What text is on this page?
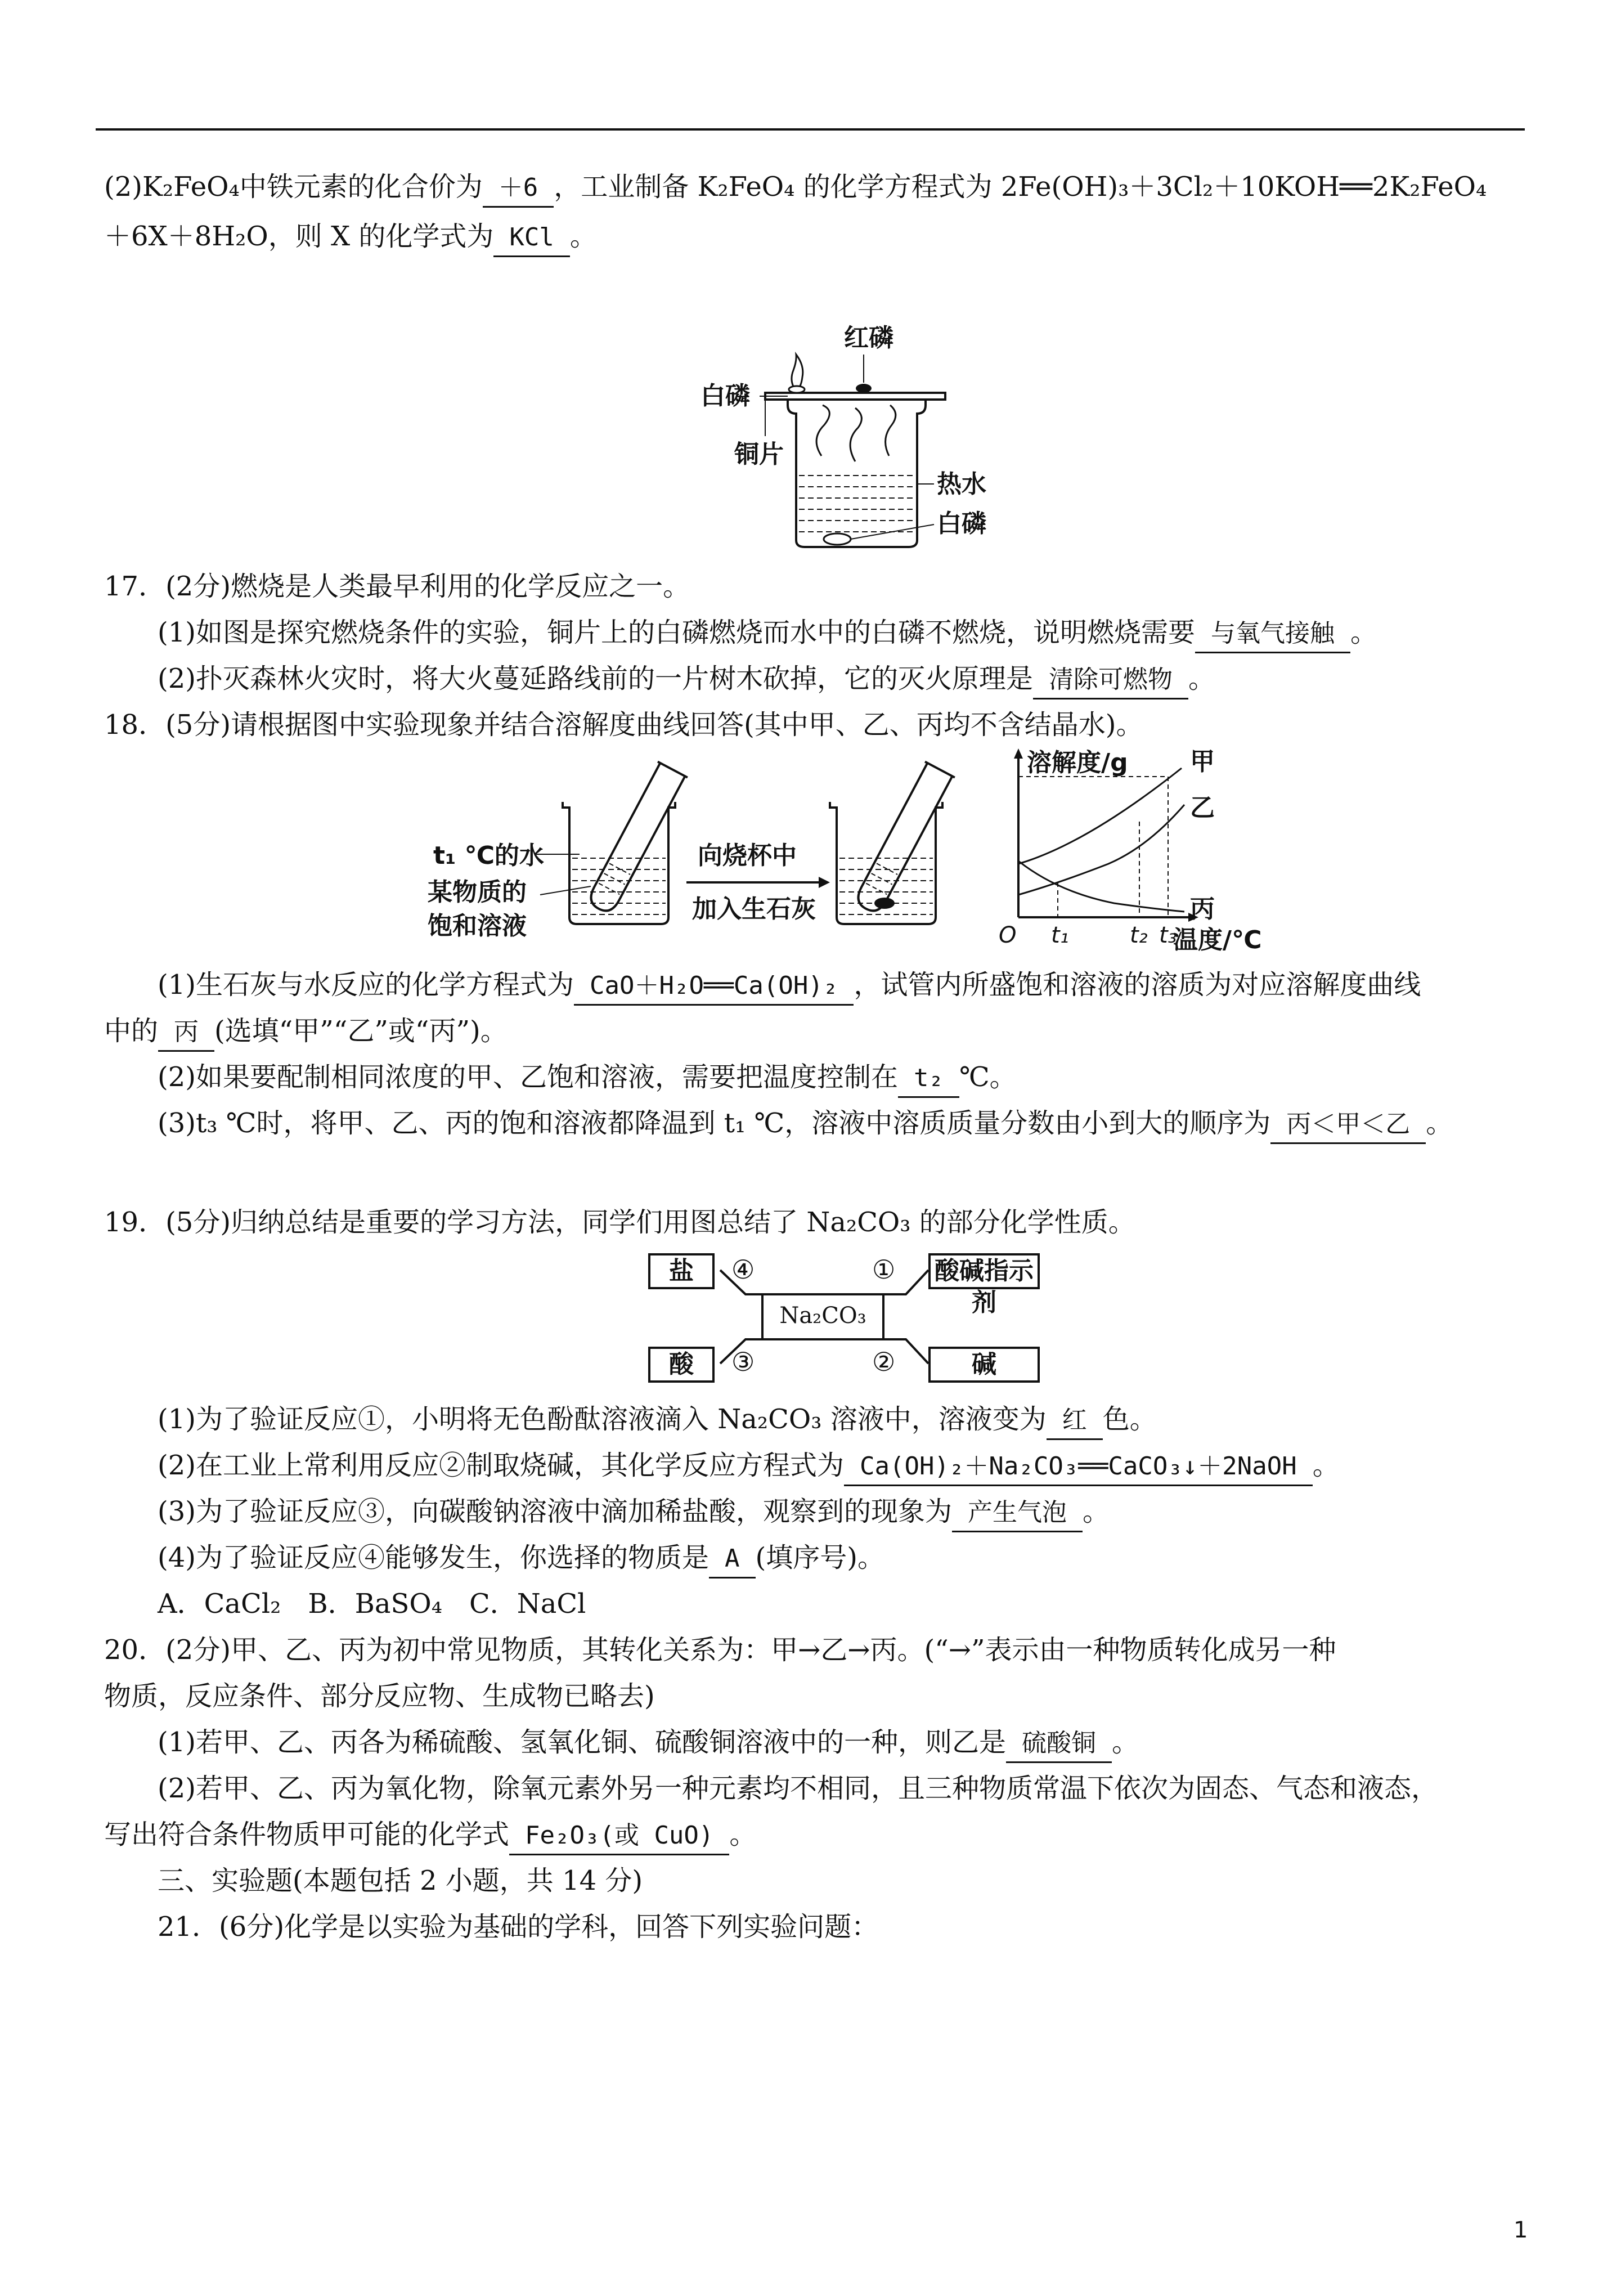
(2)K₂FeO₄中铁元素的化合价为 ＋6 ，工业制备 K₂FeO₄ 的化学方程式为 2Fe(OH)₃＋3Cl₂＋10KOH══2K₂FeO₄
＋6X＋8H₂O，则 X 的化学式为 KCl 。
红磷
白磷
铜片
热水
白磷
17．(2分)燃烧是人类最早利用的化学反应之一。
(1)如图是探究燃烧条件的实验，铜片上的白磷燃烧而水中的白磷不燃烧，说明燃烧需要 与氧气接触 。
(2)扑灭森林火灾时，将大火蔓延路线前的一片树木砍掉，它的灭火原理是 清除可燃物 。
18．(5分)请根据图中实验现象并结合溶解度曲线回答(其中甲、乙、丙均不含结晶水)。
t₁ ℃的水
某物质的
饱和溶液
向烧杯中
加入生石灰
溶解度/g
温度/℃
O t₁	t₂ t₃
甲
乙
丙
(1)生石灰与水反应的化学方程式为 CaO＋H₂O══Ca(OH)₂ ，试管内所盛饱和溶液的溶质为对应溶解度曲线
中的 丙 (选填“甲”“乙”或“丙”)。
(2)如果要配制相同浓度的甲、乙饱和溶液，需要把温度控制在 t₂ ℃。
(3)t₃ ℃时，将甲、乙、丙的饱和溶液都降温到 t₁ ℃，溶液中溶质质量分数由小到大的顺序为 丙＜甲＜乙 。
19．(5分)归纳总结是重要的学习方法，同学们用图总结了 Na₂CO₃ 的部分化学性质。
盐	酸碱指示剂
酸	碱
Na₂CO₃
④	①
③	②
(1)为了验证反应①，小明将无色酚酞溶液滴入 Na₂CO₃ 溶液中，溶液变为 红 色。
(2)在工业上常利用反应②制取烧碱，其化学反应方程式为 Ca(OH)₂＋Na₂CO₃══CaCO₃↓＋2NaOH 。
(3)为了验证反应③，向碳酸钠溶液中滴加稀盐酸，观察到的现象为 产生气泡 。
(4)为了验证反应④能够发生，你选择的物质是 A (填序号)。
A．CaCl₂　B．BaSO₄　C．NaCl
20．(2分)甲、乙、丙为初中常见物质，其转化关系为：甲→乙→丙。(“→”表示由一种物质转化成另一种
物质，反应条件、部分反应物、生成物已略去)
(1)若甲、乙、丙各为稀硫酸、氢氧化铜、硫酸铜溶液中的一种，则乙是 硫酸铜 。
(2)若甲、乙、丙为氧化物，除氧元素外另一种元素均不相同，且三种物质常温下依次为固态、气态和液态，
写出符合条件物质甲可能的化学式 Fe₂O₃(或 CuO) 。
三、实验题(本题包括 2 小题，共 14 分)
21．(6分)化学是以实验为基础的学科，回答下列实验问题：
1
